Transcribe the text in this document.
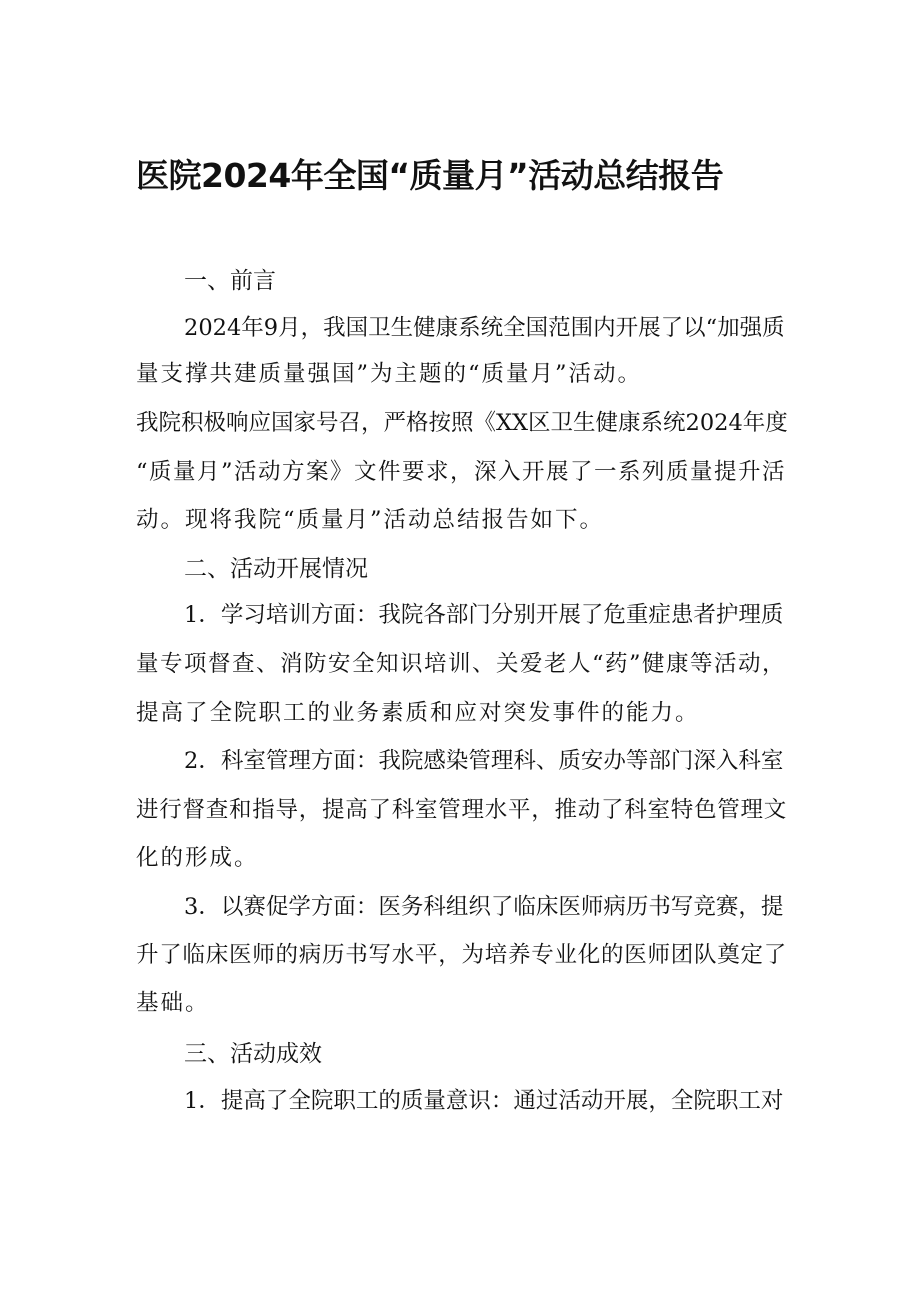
医院2024年全国“质量月”活动总结报告
一、前言
2024年9月，我国卫生健康系统全国范围内开展了以“加强质
量支撑共建质量强国”为主题的“质量月”活动。
我院积极响应国家号召，严格按照《XX区卫生健康系统2024年度
“质量月”活动方案》文件要求，深入开展了一系列质量提升活
动。现将我院“质量月”活动总结报告如下。
二、活动开展情况
1．学习培训方面：我院各部门分别开展了危重症患者护理质
量专项督查、消防安全知识培训、关爱老人“药”健康等活动，
提高了全院职工的业务素质和应对突发事件的能力。
2．科室管理方面：我院感染管理科、质安办等部门深入科室
进行督查和指导，提高了科室管理水平，推动了科室特色管理文
化的形成。
3．以赛促学方面：医务科组织了临床医师病历书写竞赛，提
升了临床医师的病历书写水平，为培养专业化的医师团队奠定了
基础。
三、活动成效
1．提高了全院职工的质量意识：通过活动开展，全院职工对
